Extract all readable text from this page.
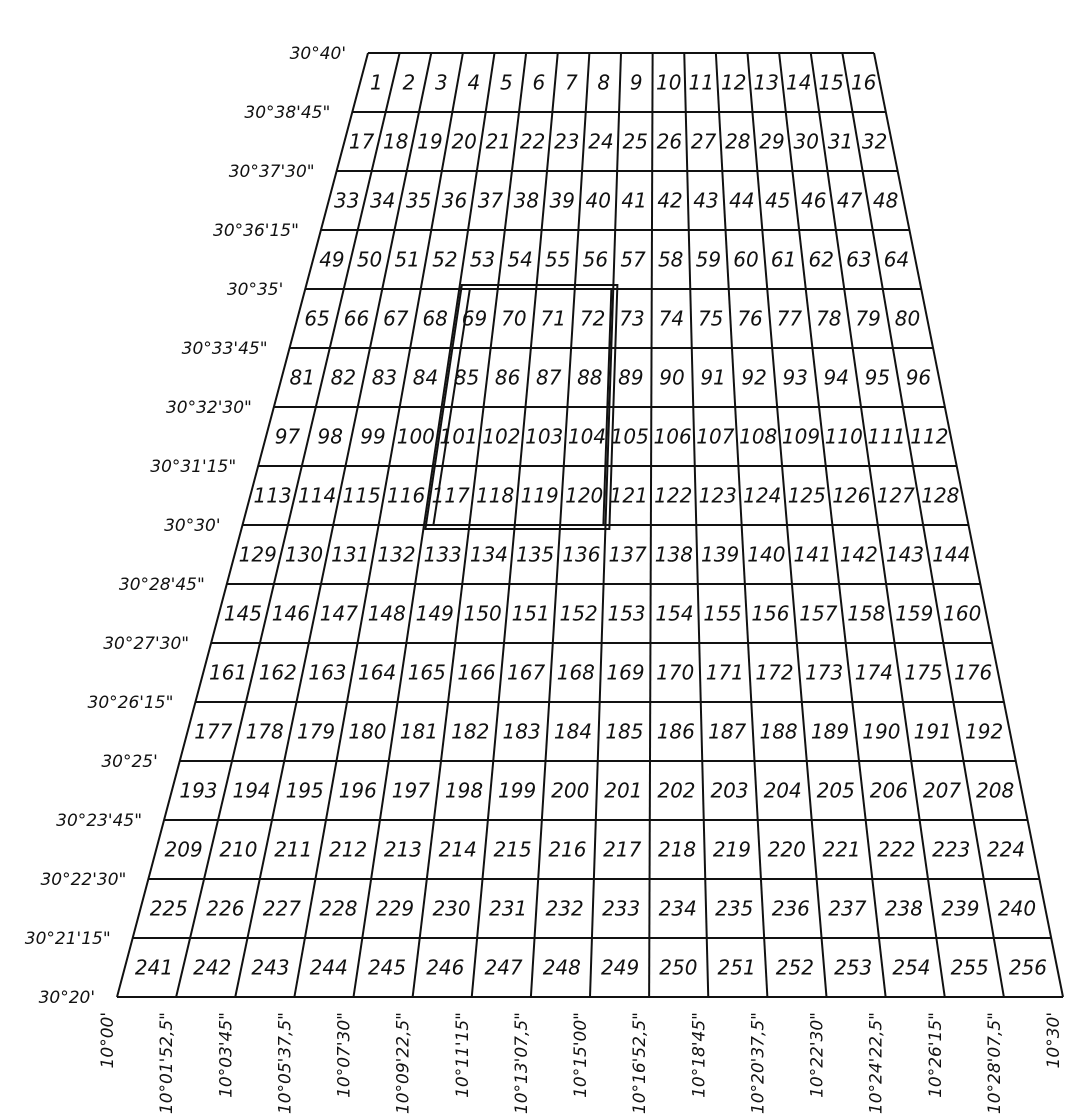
1 2 3 4 5 6 7 8 9 10 11 12 13 14 15 16
17 18 19 20 21 22 23 24 25 26 27 28 29 30 31 32
33 34 35 36 37 38 39 40 41 42 43 44 45 46 47 48
49 50 51 52 53 54 55 56 57 58 59 60 61 62 63 64
65 66 67 68 69 70 71 72 73 74 75 76 77 78 79 80
81 82 83 84 85 86 87 88 89 90 91 92 93 94 95 96
97 98 99 100 101 102 103 104 105 106 107 108 109 110 111 112
113 114 115 116 117 118 119 120 121 122 123 124 125 126 127 128
129 130 131 132 133 134 135 136 137 138 139 140 141 142 143 144
145 146 147 148 149 150 151 152 153 154 155 156 157 158 159 160
161 162 163 164 165 166 167 168 169 170 171 172 173 174 175 176
177 178 179 180 181 182 183 184 185 186 187 188 189 190 191 192
193 194 195 196 197 198 199 200 201 202 203 204 205 206 207 208
209 210 211 212 213 214 215 216 217 218 219 220 221 222 223 224
225 226 227 228 229 230 231 232 233 234 235 236 237 238 239 240
241 242 243 244 245 246 247 248 249 250 251 252 253 254 255 256
30°40'
30°38'45"
30°37'30"
30°36'15"
30°35'
30°33'45"
30°32'30"
30°31'15"
30°30'
30°28'45"
30°27'30"
30°26'15"
30°25'
30°23'45"
30°22'30"
30°21'15"
30°20'
10°00' 10°01'52,5" 10°03'45" 10°05'37,5" 10°07'30" 10°09'22,5" 10°11'15" 10°13'07,5" 10°15'00" 10°16'52,5" 10°18'45" 10°20'37,5" 10°22'30" 10°24'22,5" 10°26'15" 10°28'07,5" 10°30'
